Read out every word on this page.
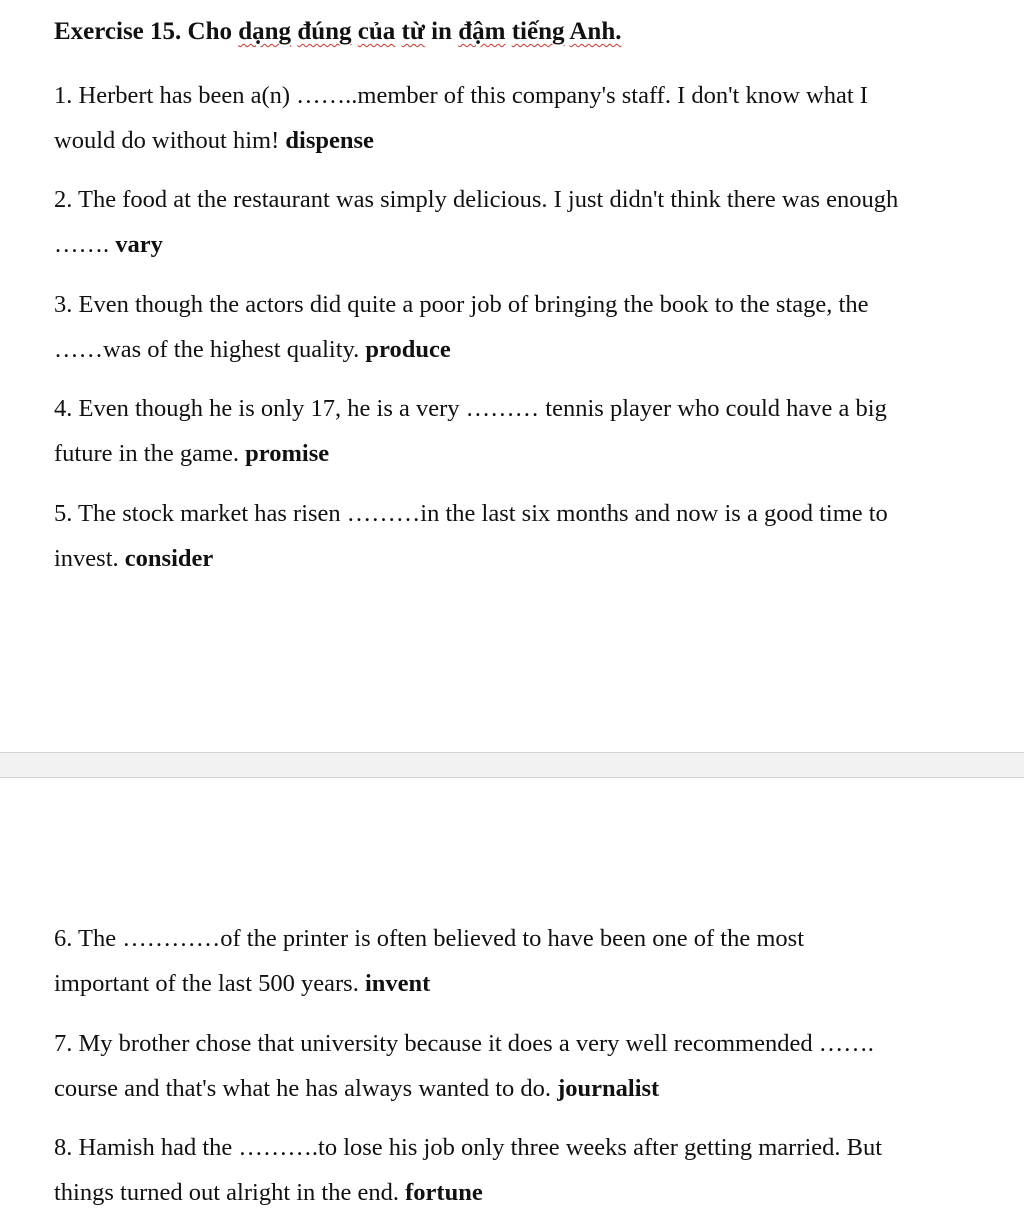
Exercise 15. Cho dạng đúng của từ in đậm tiếng Anh.

1. Herbert has been a(n) ……..member of this company's staff. I don't know what I
would do without him! dispense

2. The food at the restaurant was simply delicious. I just didn't think there was enough
……. vary

3. Even though the actors did quite a poor job of bringing the book to the stage, the
……was of the highest quality. produce

4. Even though he is only 17, he is a very ……… tennis player who could have a big
future in the game. promise

5. The stock market has risen ………in the last six months and now is a good time to
invest. consider

6. The …………of the printer is often believed to have been one of the most
important of the last 500 years. invent

7. My brother chose that university because it does a very well recommended …….
course and that's what he has always wanted to do. journalist

8. Hamish had the ……….to lose his job only three weeks after getting married. But
things turned out alright in the end. fortune
